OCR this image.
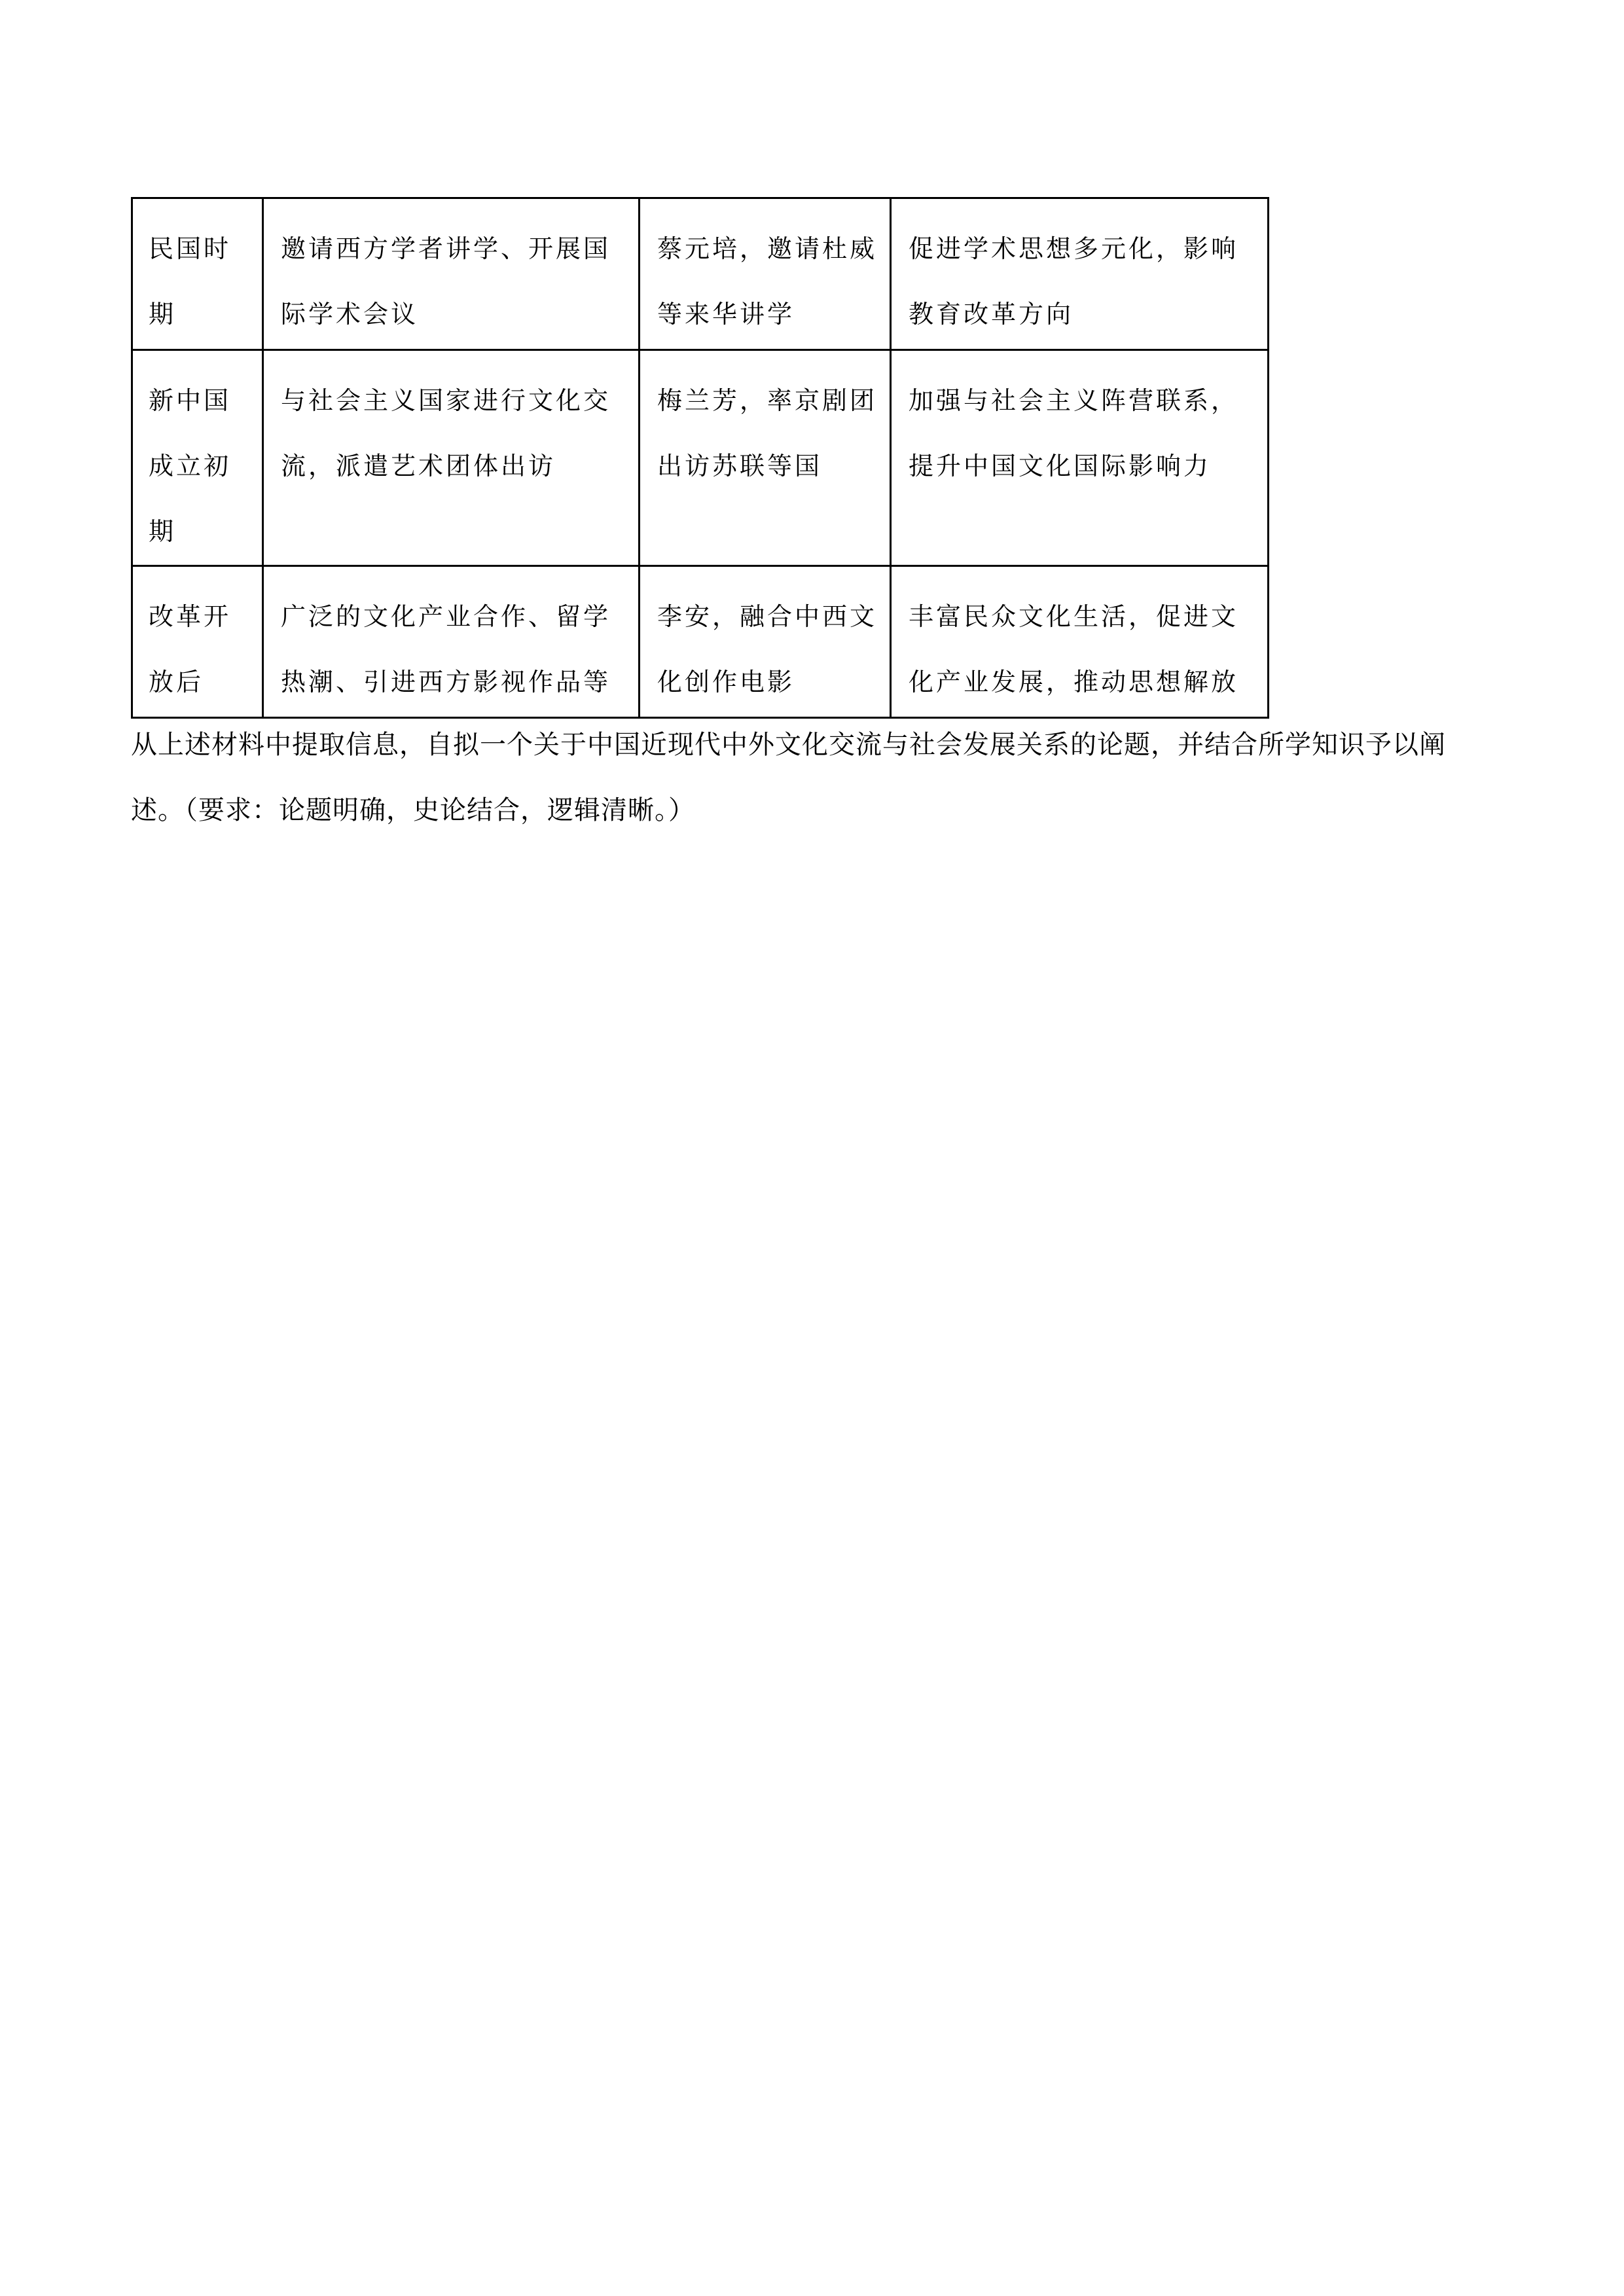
民国时期	邀请西方学者讲学、开展国际学术会议	蔡元培，邀请杜威等来华讲学	促进学术思想多元化，影响教育改革方向
新中国成立初期	与社会主义国家进行文化交流，派遣艺术团体出访	梅兰芳，率京剧团出访苏联等国	加强与社会主义阵营联系，提升中国文化国际影响力
改革开放后	广泛的文化产业合作、留学热潮、引进西方影视作品等	李安，融合中西文化创作电影	丰富民众文化生活，促进文化产业发展，推动思想解放

从上述材料中提取信息，自拟一个关于中国近现代中外文化交流与社会发展关系的论题，并结合所学知识予以阐述。（要求：论题明确，史论结合，逻辑清晰。）
